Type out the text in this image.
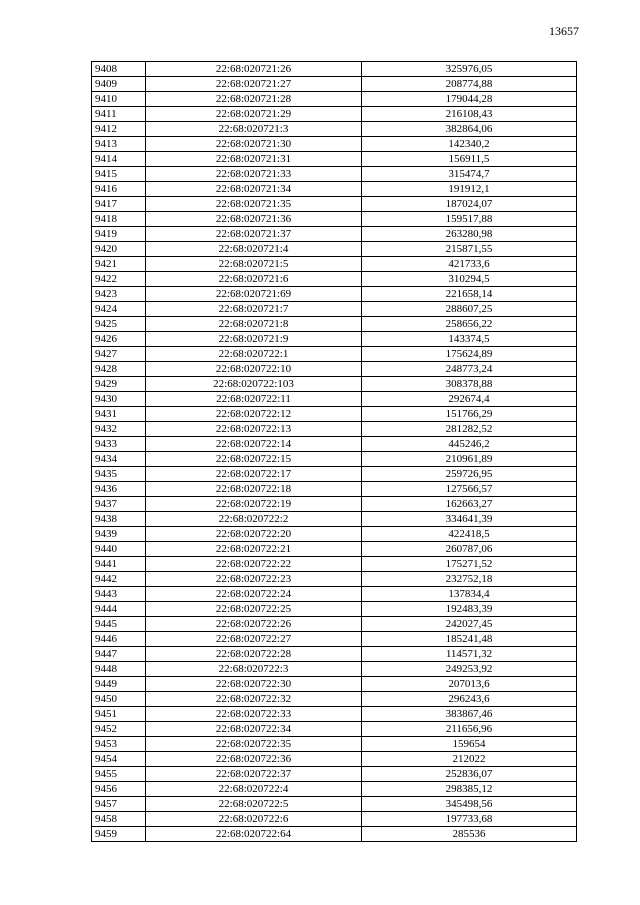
13657
9408	22:68:020721:26	325976,05
9409	22:68:020721:27	208774,88
9410	22:68:020721:28	179044,28
9411	22:68:020721:29	216108,43
9412	22:68:020721:3	382864,06
9413	22:68:020721:30	142340,2
9414	22:68:020721:31	156911,5
9415	22:68:020721:33	315474,7
9416	22:68:020721:34	191912,1
9417	22:68:020721:35	187024,07
9418	22:68:020721:36	159517,88
9419	22:68:020721:37	263280,98
9420	22:68:020721:4	215871,55
9421	22:68:020721:5	421733,6
9422	22:68:020721:6	310294,5
9423	22:68:020721:69	221658,14
9424	22:68:020721:7	288607,25
9425	22:68:020721:8	258656,22
9426	22:68:020721:9	143374,5
9427	22:68:020722:1	175624,89
9428	22:68:020722:10	248773,24
9429	22:68:020722:103	308378,88
9430	22:68:020722:11	292674,4
9431	22:68:020722:12	151766,29
9432	22:68:020722:13	281282,52
9433	22:68:020722:14	445246,2
9434	22:68:020722:15	210961,89
9435	22:68:020722:17	259726,95
9436	22:68:020722:18	127566,57
9437	22:68:020722:19	162663,27
9438	22:68:020722:2	334641,39
9439	22:68:020722:20	422418,5
9440	22:68:020722:21	260787,06
9441	22:68:020722:22	175271,52
9442	22:68:020722:23	232752,18
9443	22:68:020722:24	137834,4
9444	22:68:020722:25	192483,39
9445	22:68:020722:26	242027,45
9446	22:68:020722:27	185241,48
9447	22:68:020722:28	114571,32
9448	22:68:020722:3	249253,92
9449	22:68:020722:30	207013,6
9450	22:68:020722:32	296243,6
9451	22:68:020722:33	383867,46
9452	22:68:020722:34	211656,96
9453	22:68:020722:35	159654
9454	22:68:020722:36	212022
9455	22:68:020722:37	252836,07
9456	22:68:020722:4	298385,12
9457	22:68:020722:5	345498,56
9458	22:68:020722:6	197733,68
9459	22:68:020722:64	285536
